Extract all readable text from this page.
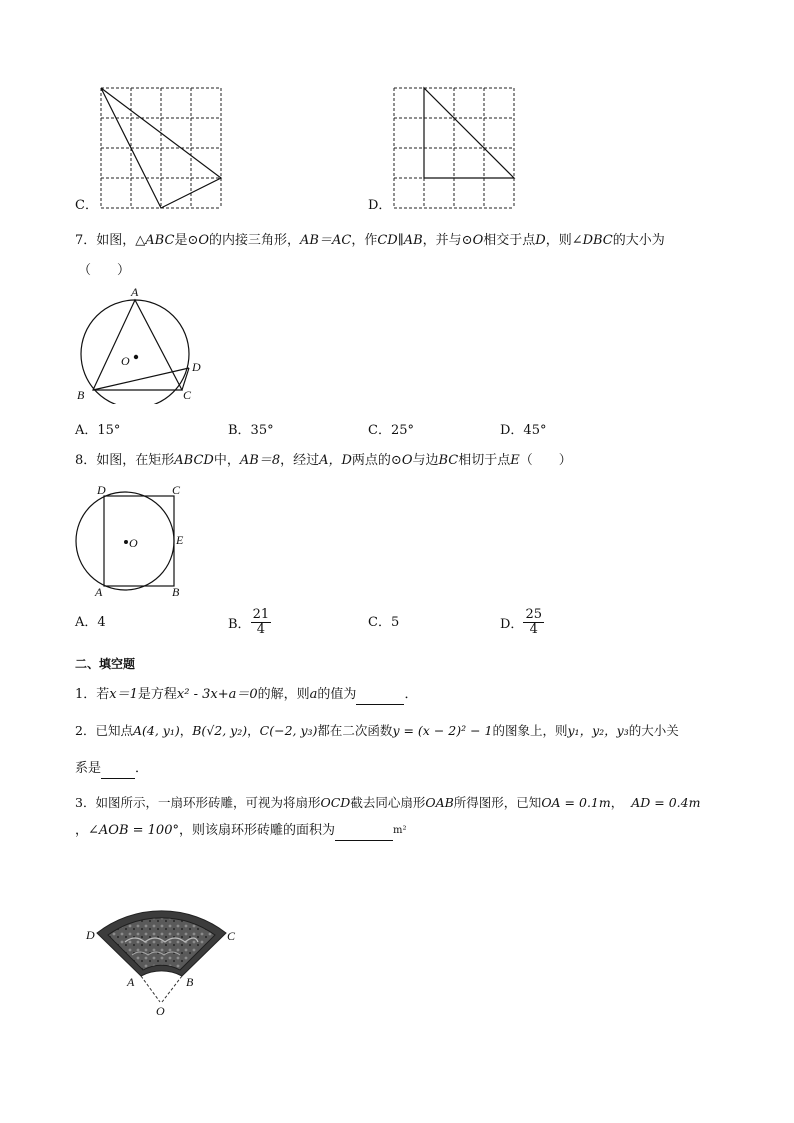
C．	D．
7．如图，△ABC是⊙O的内接三角形，AB＝AC，作CD∥AB，并与⊙O相交于点D，则∠DBC的大小为
（　　）
A
B	C
D
O
A．15°	B．35°	C．25°	D．45°
8．如图，在矩形ABCD中，AB＝8，经过A，D两点的⊙O与边BC相切于点E（　　）
D	C
E
A	B
O
A．4	B． $\frac{21}{4}$	C．5	D． $\frac{25}{4}$
二、填空题
1．若x＝1是方程x² - 3x+a＝0的解，则a的值为	．
2．已知点A(4, y₁)，B(√2, y₂)，C(−2, y₃)都在二次函数y = (x − 2)² − 1的图象上，则y₁，y₂，y₃的大小关
系是	．
3．如图所示，一扇环形砖雕，可视为将扇形OCD截去同心扇形OAB所得图形，已知OA = 0.1m， AD = 0.4m
，∠AOB = 100°，则该扇环形砖雕的面积为	$^{m^2}$
D	C
A	B
O
